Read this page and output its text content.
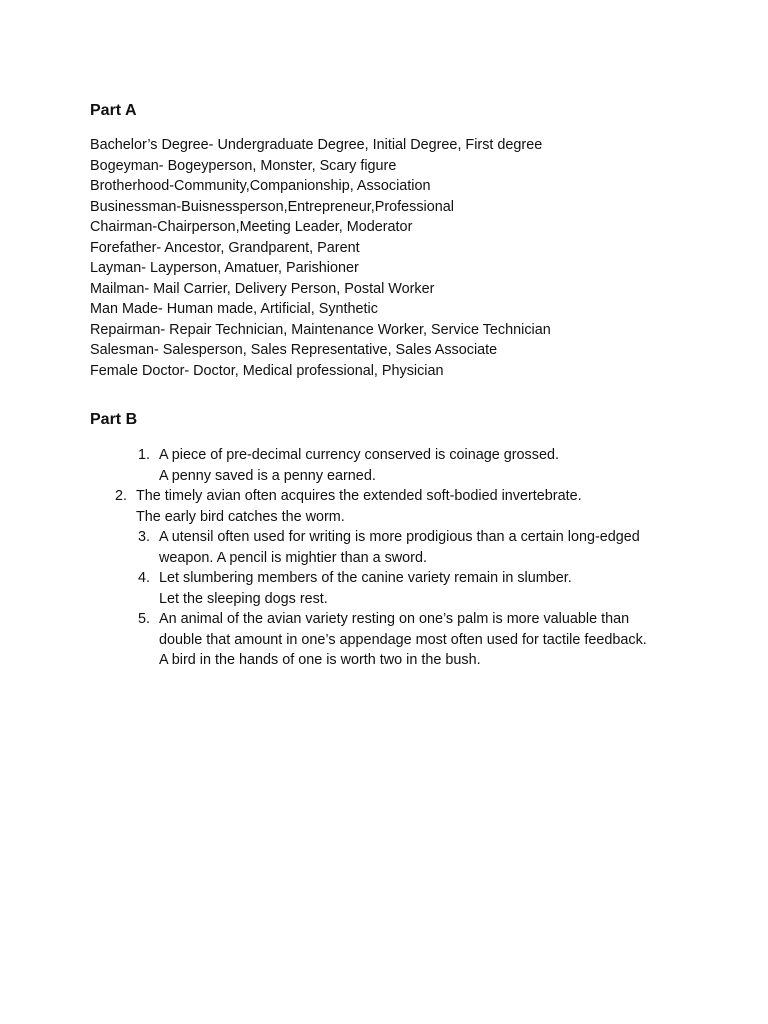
Part A
Bachelor’s Degree- Undergraduate Degree, Initial Degree, First degree
Bogeyman- Bogeyperson, Monster, Scary figure
Brotherhood-Community,Companionship, Association
Businessman-Buisnessperson,Entrepreneur,Professional
Chairman-Chairperson,Meeting Leader, Moderator
Forefather- Ancestor, Grandparent, Parent
Layman- Layperson, Amatuer, Parishioner
Mailman- Mail Carrier, Delivery Person, Postal Worker
Man Made- Human made, Artificial, Synthetic
Repairman- Repair Technician, Maintenance Worker, Service Technician
Salesman- Salesperson, Sales Representative, Sales Associate
Female Doctor- Doctor, Medical professional, Physician
Part B
1. A piece of pre-decimal currency conserved is coinage grossed.
A penny saved is a penny earned.
2. The timely avian often acquires the extended soft-bodied invertebrate.
The early bird catches the worm.
3. A utensil often used for writing is more prodigious than a certain long-edged
weapon. A pencil is mightier than a sword.
4. Let slumbering members of the canine variety remain in slumber.
Let the sleeping dogs rest.
5. An animal of the avian variety resting on one’s palm is more valuable than
double that amount in one’s appendage most often used for tactile feedback.
A bird in the hands of one is worth two in the bush.
